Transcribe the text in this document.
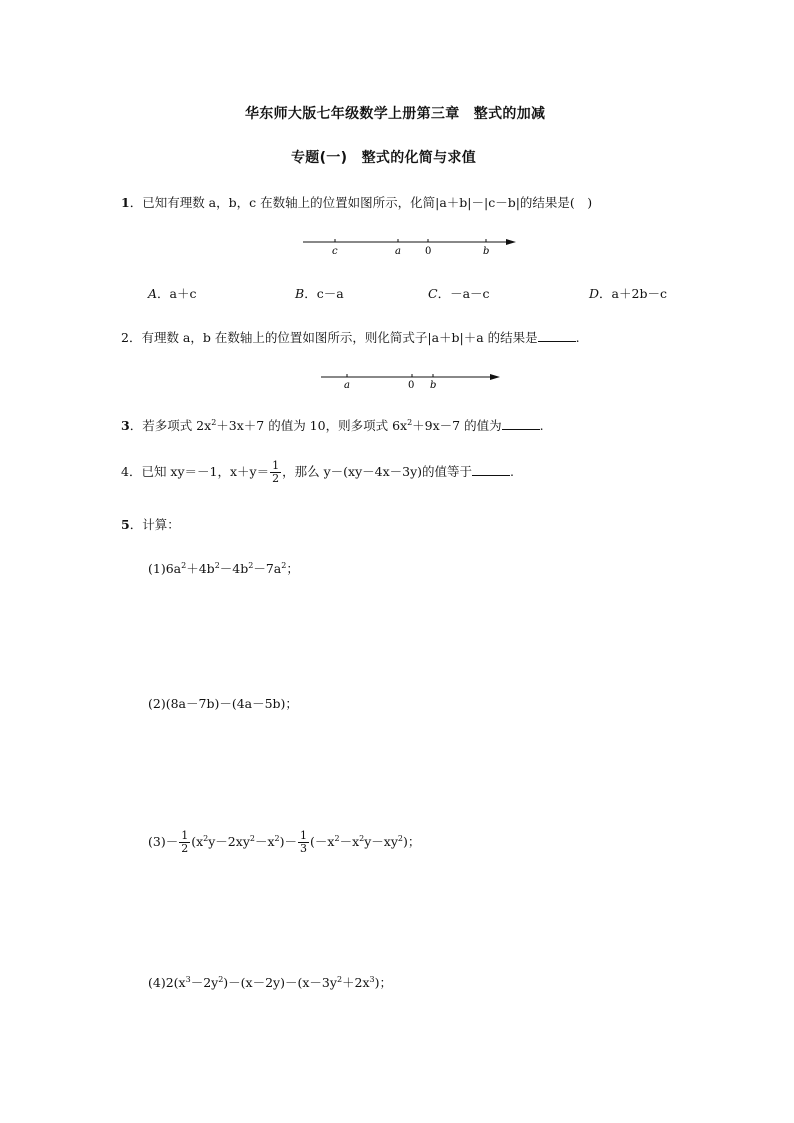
华东师大版七年级数学上册第三章　整式的加减
专题(一)　整式的化简与求值
1．已知有理数 a，b，c 在数轴上的位置如图所示，化简|a＋b|－|c－b|的结果是(　)
c	a 0	b
A．a＋c	B．c－a	C．－a－c	D．a＋2b－c
2．有理数 a，b 在数轴上的位置如图所示，则化简式子|a＋b|＋a 的结果是	.
a	0 b
3．若多项式 $2x^2+3x+7$ 的值为 10，则多项式 $6x^2+9x-7$ 的值为	.
4．已知 xy＝－1，$x+y= \frac{1}{2}$ ，那么 y－(xy－4x－3y)的值等于	.
5．计算：
$(1)6a^2+4b^2-4b^2-7a^2$；
(2)(8a－7b)－(4a－5b)；
$(3)- \frac{1}{2} (x^2y-2xy^2-x^2)- \frac{1}{3} (-x^2-x^2y-xy^2)$；
$(4)2(x^3-2y^2)-(x-2y)-(x-3y^2+2x^3)$；
